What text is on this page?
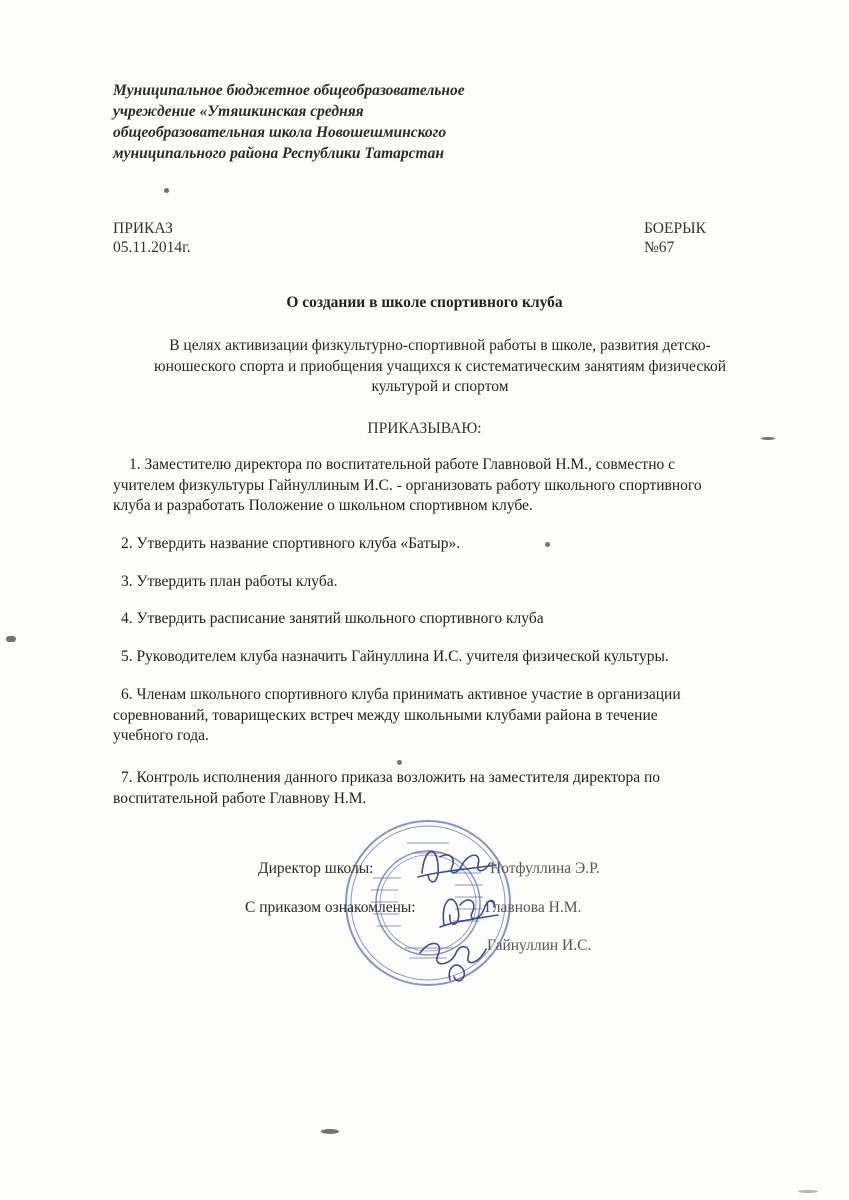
Муниципальное бюджетное общеобразовательное
учреждение «Утяшкинская средняя
общеобразовательная школа Новошешминского
муниципального района Республики Татарстан
ПРИКАЗ
05.11.2014г.
БОЕРЫК
№67
О создании в школе спортивного клуба
В целях активизации физкультурно-спортивной работы в школе, развития детско-
юношеского спорта и приобщения учащихся к систематическим занятиям физической
культурой и спортом
ПРИКАЗЫВАЮ:
1. Заместителю директора по воспитательной работе Главновой Н.М., совместно с
учителем физкультуры Гайнуллиным И.С. - организовать работу школьного спортивного
клуба и разработать Положение о школьном спортивном клубе.
2. Утвердить название спортивного клуба «Батыр».
3. Утвердить план работы клуба.
4. Утвердить расписание занятий школьного спортивного клуба
5. Руководителем клуба назначить Гайнуллина И.С. учителя физической культуры.
6. Членам школьного спортивного клуба принимать активное участие в организации
соревнований, товарищеских встреч между школьными клубами района в течение
учебного года.
7. Контроль исполнения данного приказа возложить на заместителя директора по
воспитательной работе Главнову Н.М.
Директор школы:	Нотфуллина Э.Р.
С приказом ознакомлены:	Главнова Н.М.
Гайнуллин И.С.
